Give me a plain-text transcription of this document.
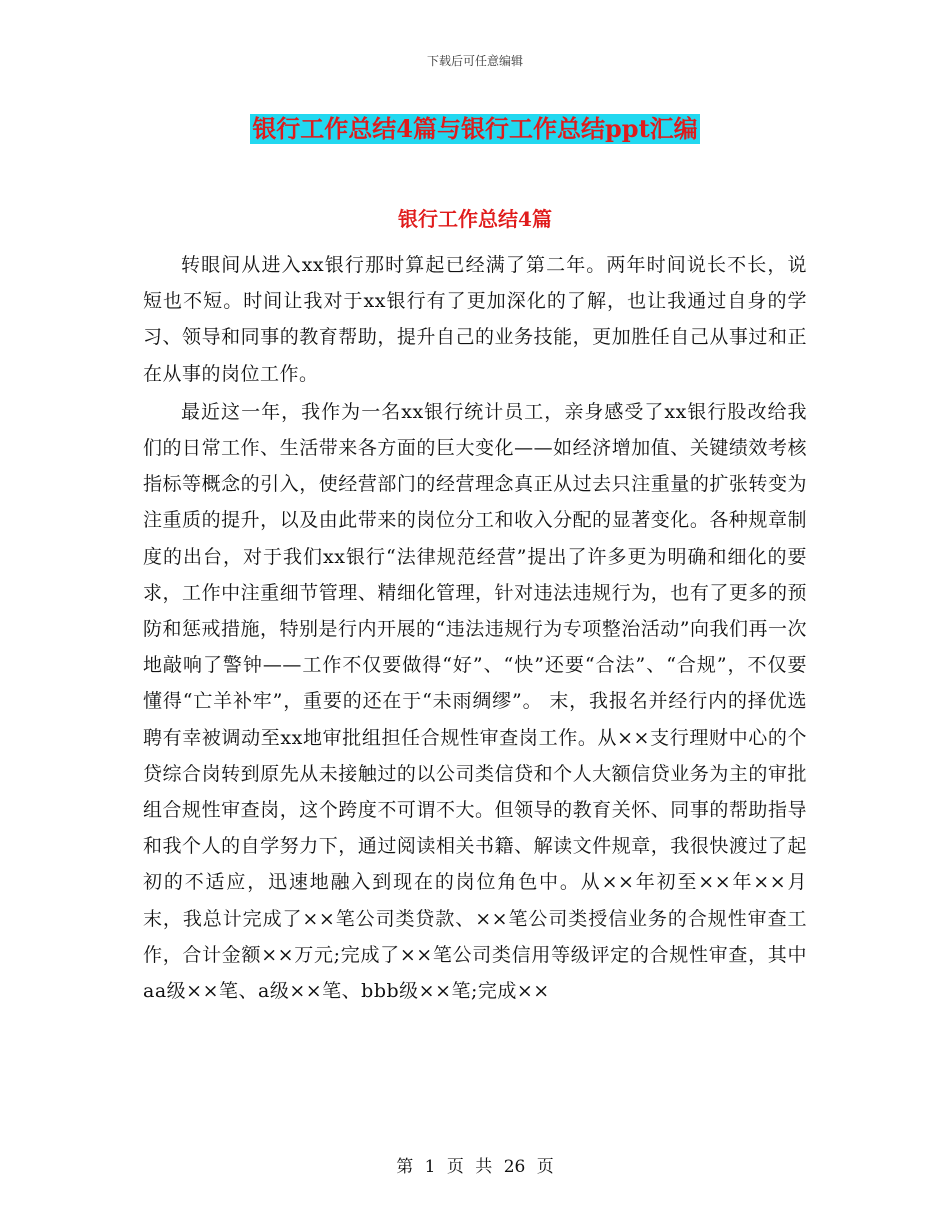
下载后可任意编辑
银行工作总结4篇与银行工作总结ppt汇编
银行工作总结4篇

转眼间从进入xx银行那时算起已经满了第二年。两年时间说长不长，说短也不短。时间让我对于xx银行有了更加深化的了解，也让我通过自身的学习、领导和同事的教育帮助，提升自己的业务技能，更加胜任自己从事过和正在从事的岗位工作。

最近这一年，我作为一名xx银行统计员工，亲身感受了xx银行股改给我们的日常工作、生活带来各方面的巨大变化——如经济增加值、关键绩效考核指标等概念的引入，使经营部门的经营理念真正从过去只注重量的扩张转变为注重质的提升，以及由此带来的岗位分工和收入分配的显著变化。各种规章制度的出台，对于我们xx银行“法律规范经营”提出了许多更为明确和细化的要求，工作中注重细节管理、精细化管理，针对违法违规行为，也有了更多的预防和惩戒措施，特别是行内开展的“违法违规行为专项整治活动”向我们再一次地敲响了警钟——工作不仅要做得“好”、“快”还要“合法”、“合规”，不仅要懂得“亡羊补牢”，重要的还在于“未雨绸缪”。 末，我报名并经行内的择优选聘有幸被调动至xx地审批组担任合规性审查岗工作。从××支行理财中心的个贷综合岗转到原先从未接触过的以公司类信贷和个人大额信贷业务为主的审批组合规性审查岗，这个跨度不可谓不大。但领导的教育关怀、同事的帮助指导和我个人的自学努力下，通过阅读相关书籍、解读文件规章，我很快渡过了起初的不适应，迅速地融入到现在的岗位角色中。从××年初至××年××月末，我总计完成了××笔公司类贷款、××笔公司类授信业务的合规性审查工作，合计金额××万元;完成了××笔公司类信用等级评定的合规性审查，其中aa级××笔、a级××笔、bbb级××笔;完成××

第 1 页 共 26 页
